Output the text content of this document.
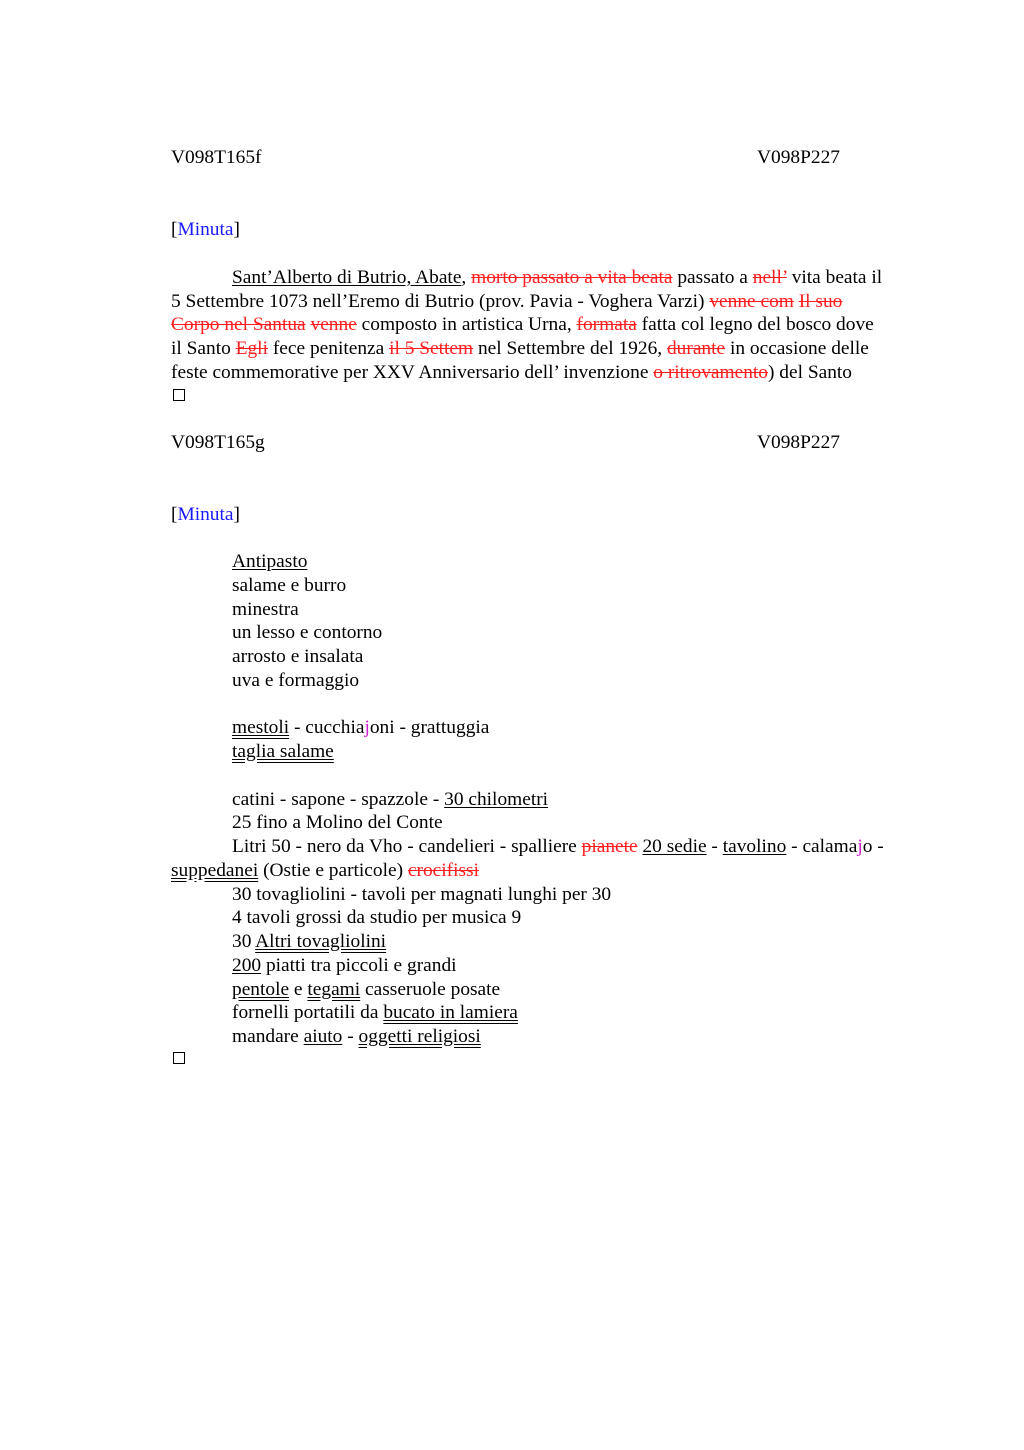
V098T165f	V098P227
[Minuta]
Sant’Alberto di Butrio, Abate, morto passato a vita beata passato a nell’ vita beata il
5 Settembre 1073 nell’Eremo di Butrio (prov. Pavia - Voghera Varzi) venne com Il suo
Corpo nel Santua venne composto in artistica Urna, formata fatta col legno del bosco dove
il Santo Egli fece penitenza il 5 Settem nel Settembre del 1926, durante in occasione delle
feste commemorative per XXV Anniversario dell’ invenzione o ritrovamento) del Santo
V098T165g	V098P227
[Minuta]
Antipasto
salame e burro
minestra
un lesso e contorno
arrosto e insalata
uva e formaggio
mestoli - cucchiajoni - grattuggia
taglia salame
catini - sapone - spazzole - 30 chilometri
25 fino a Molino del Conte
Litri 50 - nero da Vho - candelieri - spalliere pianete 20 sedie - tavolino - calamajo -
suppedanei (Ostie e particole) crocifissi
30 tovagliolini - tavoli per magnati lunghi per 30
4 tavoli grossi da studio per musica 9
30 Altri tovagliolini
200 piatti tra piccoli e grandi
pentole e tegami casseruole posate
fornelli portatili da bucato in lamiera
mandare aiuto - oggetti religiosi
